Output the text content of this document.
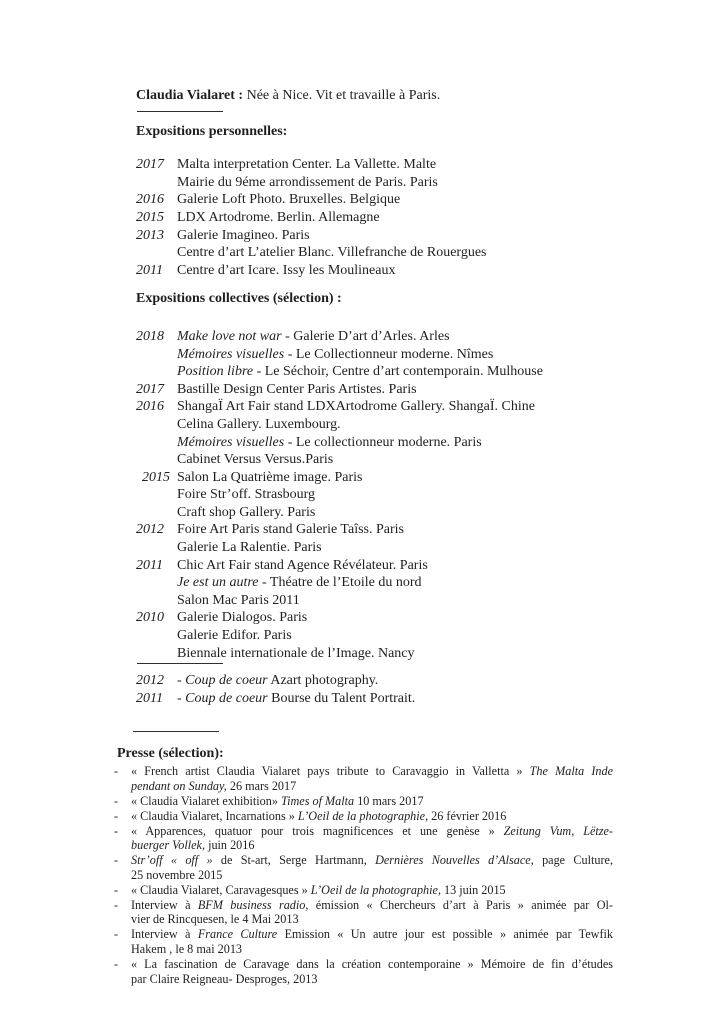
Claudia Vialaret : Née à Nice. Vit et travaille à Paris.
Expositions personnelles:
2017 Malta interpretation Center. La Vallette. Malte
Mairie du 9éme arrondissement de Paris. Paris
2016 Galerie Loft Photo. Bruxelles. Belgique
2015 LDX Artodrome. Berlin. Allemagne
2013 Galerie Imagineo. Paris
Centre d’art L’atelier Blanc. Villefranche de Rouergues
2011	Centre d’art Icare. Issy les Moulineaux
Expositions collectives (sélection) :
2018 Make love not war - Galerie D’art d’Arles. Arles
Mémoires visuelles - Le Collectionneur moderne. Nîmes
Position libre - Le Séchoir, Centre d’art contemporain. Mulhouse
2017 Bastille Design Center Paris Artistes. Paris
2016 ShangaÏ Art Fair stand LDXArtodrome Gallery. ShangaÏ. Chine
Celina Gallery. Luxembourg.
Mémoires visuelles - Le collectionneur moderne. Paris
Cabinet Versus Versus.Paris
2015 Salon La Quatrième image. Paris
Foire Str’off. Strasbourg
Craft shop Gallery. Paris
2012 Foire Art Paris stand Galerie Taîss. Paris
Galerie La Ralentie. Paris
2011	Chic Art Fair stand Agence Révélateur. Paris
Je est un autre - Théatre de l’Etoile du nord
Salon Mac Paris 2011
2010 Galerie Dialogos. Paris
Galerie Edifor. Paris
Biennale internationale de l’Image. Nancy
2012 - Coup de coeur Azart photography.
2011	- Coup de coeur Bourse du Talent Portrait.
Presse (sélection):
- « French artist Claudia Vialaret pays tribute to Caravaggio in Valletta » The Malta Inde
pendant on Sunday, 26 mars 2017
- « Claudia Vialaret exhibition» Times of Malta 10 mars 2017
- « Claudia Vialaret, Incarnations » L’Oeil de la photographie, 26 février 2016
- « Apparences, quatuor pour trois magnificences et une genèse » Zeitung Vum, Lëtze-
buerger Vollek, juin 2016
- Str’off « off » de St-art, Serge Hartmann, Dernières Nouvelles d’Alsace, page Culture,
25 novembre 2015
- « Claudia Vialaret, Caravagesques » L’Oeil de la photographie, 13 juin 2015
- Interview à BFM business radio, émission « Chercheurs d’art à Paris » animée par Ol-
vier de Rincquesen, le 4 Mai 2013
- Interview à France Culture Emission « Un autre jour est possible » animée par Tewfik
Hakem , le 8 mai 2013
- « La fascination de Caravage dans la création contemporaine » Mémoire de fin d’études
par Claire Reigneau- Desproges, 2013
